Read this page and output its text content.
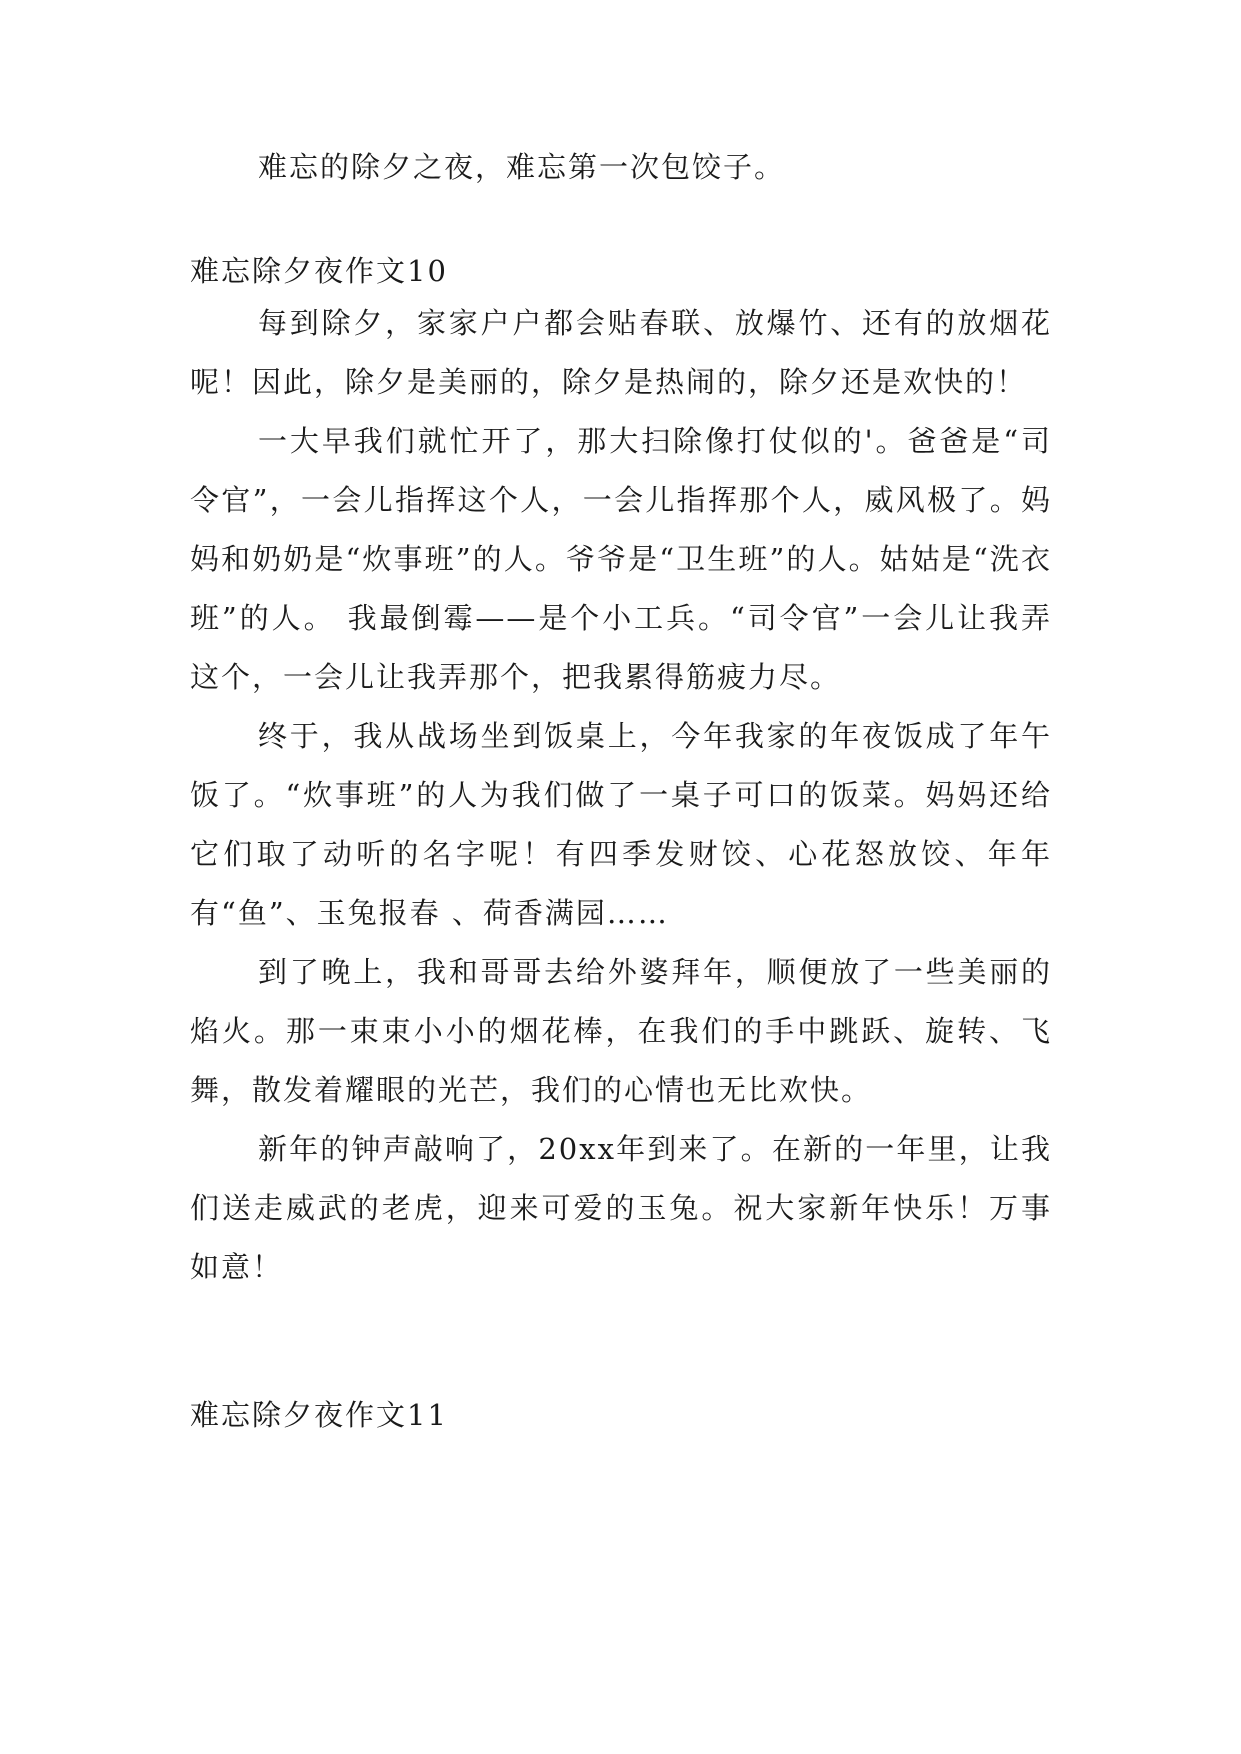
难忘的除夕之夜，难忘第一次包饺子。

难忘除夕夜作文10

每到除夕，家家户户都会贴春联、放爆竹、还有的放烟花呢！因此，除夕是美丽的，除夕是热闹的，除夕还是欢快的！

一大早我们就忙开了，那大扫除像打仗似的'。爸爸是“司令官”，一会儿指挥这个人，一会儿指挥那个人，威风极了。妈妈和奶奶是“炊事班”的人。爷爷是“卫生班”的人。姑姑是“洗衣班”的人。 我最倒霉——是个小工兵。“司令官”一会儿让我弄这个，一会儿让我弄那个，把我累得筋疲力尽。

终于，我从战场坐到饭桌上，今年我家的年夜饭成了年午饭了。“炊事班”的人为我们做了一桌子可口的饭菜。妈妈还给它们取了动听的名字呢！有四季发财饺、心花怒放饺、年年有“鱼”、玉兔报春 、荷香满园……

到了晚上，我和哥哥去给外婆拜年，顺便放了一些美丽的焰火。那一束束小小的烟花棒，在我们的手中跳跃、旋转、飞舞，散发着耀眼的光芒，我们的心情也无比欢快。

新年的钟声敲响了，20xx年到来了。在新的一年里，让我们送走威武的老虎，迎来可爱的玉兔。祝大家新年快乐！万事如意！

难忘除夕夜作文11
